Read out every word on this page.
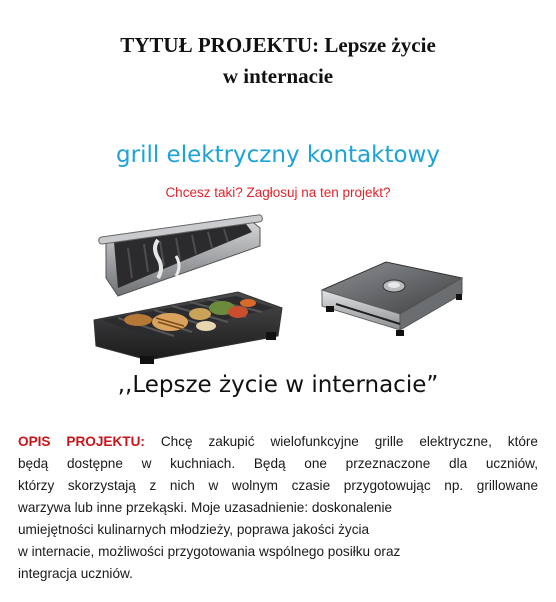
TYTUŁ PROJEKTU: Lepsze życie
w internacie
grill elektryczny kontaktowy
Chcesz taki? Zagłosuj na ten projekt?
,,Lepsze życie w internacie”
OPIS PROJEKTU: Chcę zakupić wielofunkcyjne grille elektryczne, które
będą dostępne w kuchniach. Będą one przeznaczone dla uczniów,
którzy skorzystają z nich w wolnym czasie przygotowując np. grillowane
warzywa lub inne przekąski. Moje uzasadnienie: doskonalenie
umiejętności kulinarnych młodzieży, poprawa jakości życia
w internacie, możliwości przygotowania wspólnego posiłku oraz
integracja uczniów.
